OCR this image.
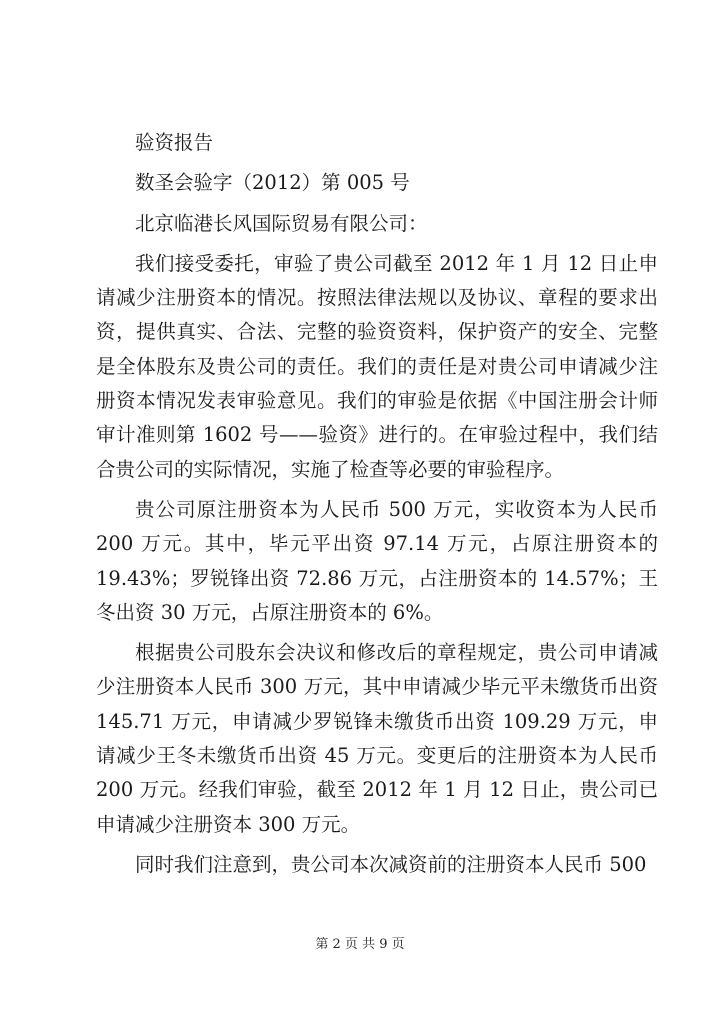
验资报告

数圣会验字（2012）第 005 号

北京临港长风国际贸易有限公司：

我们接受委托，审验了贵公司截至 2012 年 1 月 12 日止申请减少注册资本的情况。按照法律法规以及协议、章程的要求出资，提供真实、合法、完整的验资资料，保护资产的安全、完整是全体股东及贵公司的责任。我们的责任是对贵公司申请减少注册资本情况发表审验意见。我们的审验是依据《中国注册会计师审计准则第 1602 号——验资》进行的。在审验过程中，我们结合贵公司的实际情况，实施了检查等必要的审验程序。

贵公司原注册资本为人民币 500 万元，实收资本为人民币 200 万元。其中，毕元平出资 97.14 万元，占原注册资本的 19.43%；罗锐锋出资 72.86 万元，占注册资本的 14.57%；王冬出资 30 万元，占原注册资本的 6%。

根据贵公司股东会决议和修改后的章程规定，贵公司申请减少注册资本人民币 300 万元，其中申请减少毕元平未缴货币出资 145.71 万元，申请减少罗锐锋未缴货币出资 109.29 万元，申请减少王冬未缴货币出资 45 万元。变更后的注册资本为人民币 200 万元。经我们审验，截至 2012 年 1 月 12 日止，贵公司已申请减少注册资本 300 万元。

同时我们注意到，贵公司本次减资前的注册资本人民币 500

第 2 页 共 9 页
